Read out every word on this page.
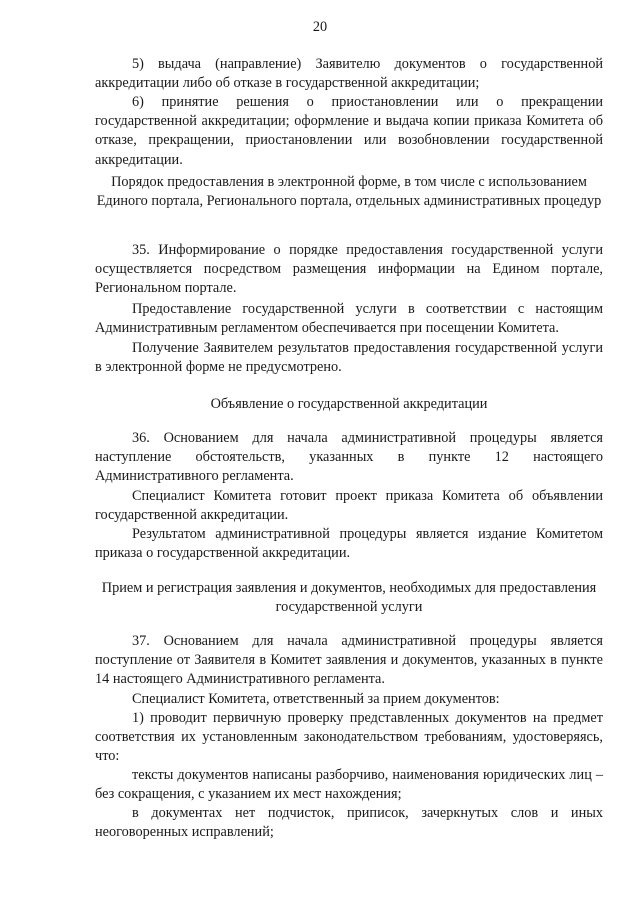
20

5) выдача (направление) Заявителю документов о государственной аккредитации либо об отказе в государственной аккредитации;

6) принятие решения о приостановлении или о прекращении государственной аккредитации; оформление и выдача копии приказа Комитета об отказе, прекращении, приостановлении или возобновлении государственной аккредитации.

Порядок предоставления в электронной форме, в том числе с использованием Единого портала, Регионального портала, отдельных административных процедур

35. Информирование о порядке предоставления государственной услуги осуществляется посредством размещения информации на Едином портале, Региональном портале.

Предоставление государственной услуги в соответствии с настоящим Административным регламентом обеспечивается при посещении Комитета.

Получение Заявителем результатов предоставления государственной услуги в электронной форме не предусмотрено.

Объявление о государственной аккредитации

36. Основанием для начала административной процедуры является наступление обстоятельств, указанных в пункте 12 настоящего Административного регламента.

Специалист Комитета готовит проект приказа Комитета об объявлении государственной аккредитации.

Результатом административной процедуры является издание Комитетом приказа о государственной аккредитации.

Прием и регистрация заявления и документов, необходимых для предоставления государственной услуги

37. Основанием для начала административной процедуры является поступление от Заявителя в Комитет заявления и документов, указанных в пункте 14 настоящего Административного регламента.

Специалист Комитета, ответственный за прием документов:

1) проводит первичную проверку представленных документов на предмет соответствия их установленным законодательством требованиям, удостоверяясь, что:

тексты документов написаны разборчиво, наименования юридических лиц – без сокращения, с указанием их мест нахождения;

в документах нет подчисток, приписок, зачеркнутых слов и иных неоговоренных исправлений;
